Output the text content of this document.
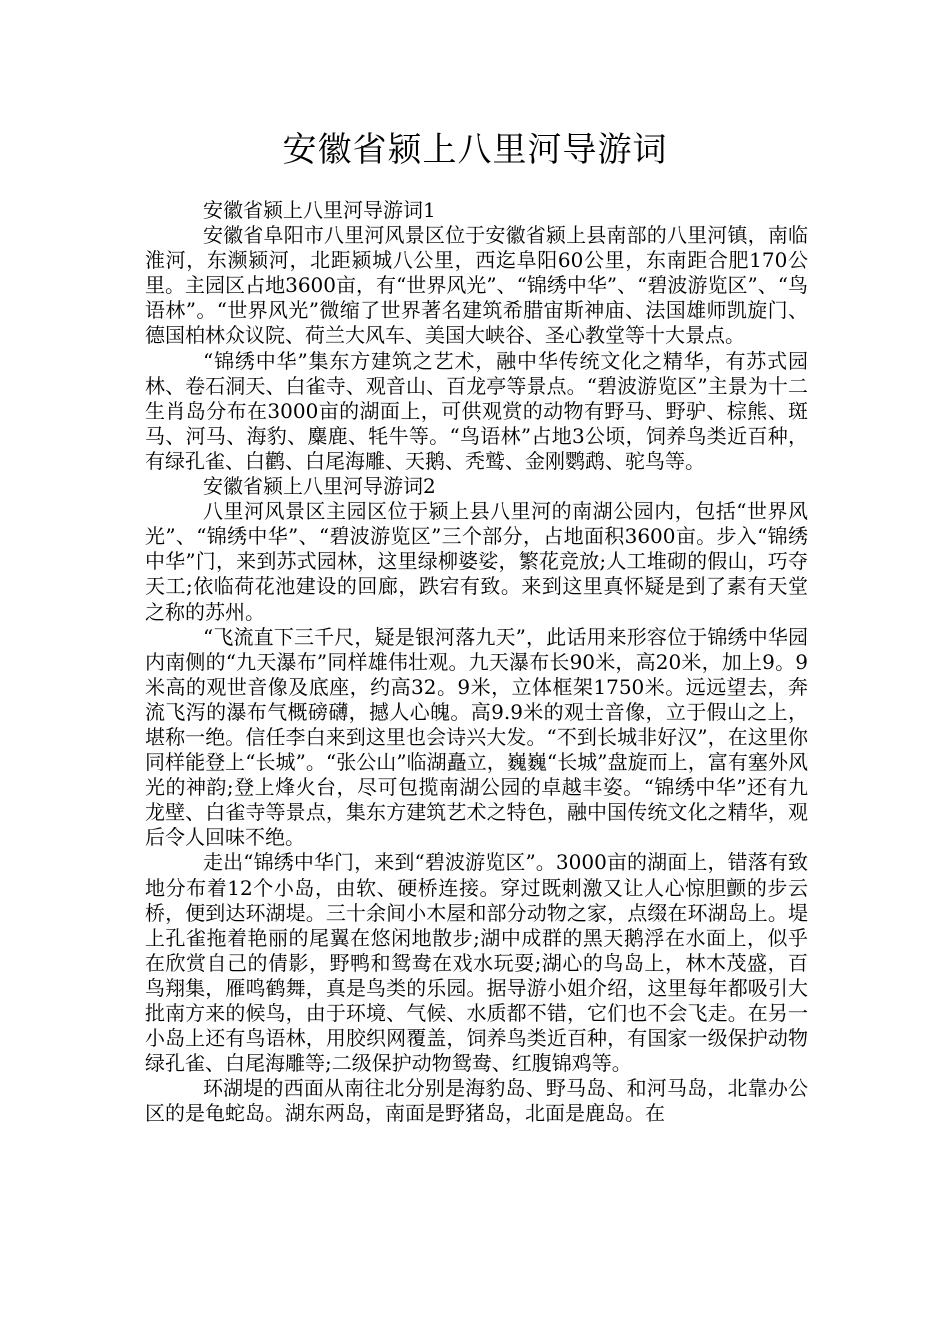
安徽省颍上八里河导游词

安徽省颍上八里河导游词1

安徽省阜阳市八里河风景区位于安徽省颍上县南部的八里河镇，南临淮河，东濒颍河，北距颍城八公里，西迄阜阳60公里，东南距合肥170公里。主园区占地3600亩，有“世界风光”、“锦绣中华”、“碧波游览区”、“鸟语林”。“世界风光”微缩了世界著名建筑希腊宙斯神庙、法国雄师凯旋门、德国柏林众议院、荷兰大风车、美国大峡谷、圣心教堂等十大景点。

“锦绣中华”集东方建筑之艺术，融中华传统文化之精华，有苏式园林、卷石洞天、白雀寺、观音山、百龙亭等景点。“碧波游览区”主景为十二生肖岛分布在3000亩的湖面上，可供观赏的动物有野马、野驴、棕熊、斑马、河马、海豹、麋鹿、牦牛等。“鸟语林”占地3公顷，饲养鸟类近百种，有绿孔雀、白鹳、白尾海雕、天鹅、秃鹫、金刚鹦鹉、驼鸟等。

安徽省颍上八里河导游词2

八里河风景区主园区位于颍上县八里河的南湖公园内，包括“世界风光”、“锦绣中华”、“碧波游览区”三个部分，占地面积3600亩。步入“锦绣中华”门，来到苏式园林，这里绿柳婆娑，繁花竞放;人工堆砌的假山，巧夺天工;依临荷花池建设的回廊，跌宕有致。来到这里真怀疑是到了素有天堂之称的苏州。

“飞流直下三千尺，疑是银河落九天”，此话用来形容位于锦绣中华园内南侧的“九天瀑布”同样雄伟壮观。九天瀑布长90米，高20米，加上9。9米高的观世音像及底座，约高32。9米，立体框架1750米。远远望去，奔流飞泻的瀑布气概磅礴，撼人心魄。高9.9米的观士音像，立于假山之上，堪称一绝。信任李白来到这里也会诗兴大发。“不到长城非好汉”，在这里你同样能登上“长城”。“张公山”临湖矗立，巍巍“长城”盘旋而上，富有塞外风光的神韵;登上烽火台，尽可包揽南湖公园的卓越丰姿。“锦绣中华”还有九龙壁、白雀寺等景点，集东方建筑艺术之特色，融中国传统文化之精华，观后令人回味不绝。

走出“锦绣中华门，来到“碧波游览区”。3000亩的湖面上，错落有致地分布着12个小岛，由软、硬桥连接。穿过既刺激又让人心惊胆颤的步云桥，便到达环湖堤。三十余间小木屋和部分动物之家，点缀在环湖岛上。堤上孔雀拖着艳丽的尾翼在悠闲地散步;湖中成群的黑天鹅浮在水面上，似乎在欣赏自己的倩影，野鸭和鸳鸯在戏水玩耍;湖心的鸟岛上，林木茂盛，百鸟翔集，雁鸣鹤舞，真是鸟类的乐园。据导游小姐介绍，这里每年都吸引大批南方来的候鸟，由于环境、气候、水质都不错，它们也不会飞走。在另一小岛上还有鸟语林，用胶织网覆盖，饲养鸟类近百种，有国家一级保护动物绿孔雀、白尾海雕等;二级保护动物鸳鸯、红腹锦鸡等。

环湖堤的西面从南往北分别是海豹岛、野马岛、和河马岛，北靠办公区的是龟蛇岛。湖东两岛，南面是野猪岛，北面是鹿岛。在
